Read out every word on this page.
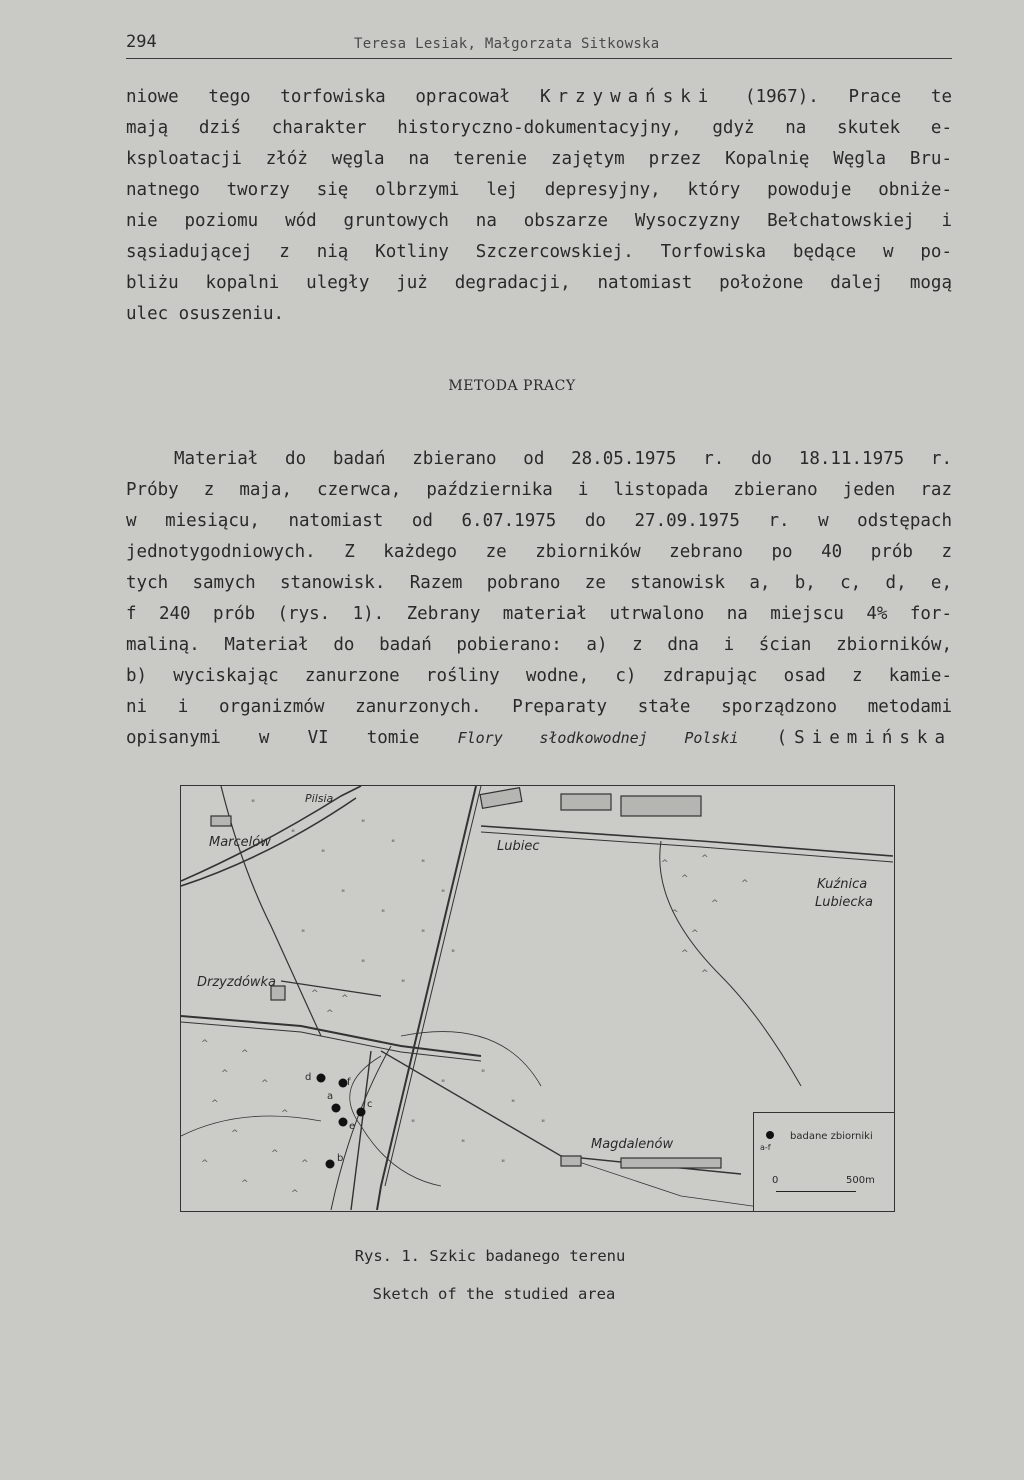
294	Teresa Lesiak, Małgorzata Sitkowska
niowe tego torfowiska opracował Krzywański (1967). Prace te
mają dziś charakter historyczno-dokumentacyjny, gdyż na skutek e-
ksploatacji złóż węgla na terenie zajętym przez Kopalnię Węgla Bru-
natnego tworzy się olbrzymi lej depresyjny, który powoduje obniże-
nie poziomu wód gruntowych na obszarze Wysoczyzny Bełchatowskiej i
sąsiadującej z nią Kotliny Szczercowskiej. Torfowiska będące w po-
bliżu kopalni uległy już degradacji, natomiast położone dalej mogą
ulec osuszeniu.
METODA PRACY
Materiał do badań zbierano od 28.05.1975 r. do 18.11.1975 r.
Próby z maja, czerwca, października i listopada zbierano jeden raz
w miesiącu, natomiast od 6.07.1975 do 27.09.1975 r. w odstępach
jednotygodniowych. Z każdego ze zbiorników zebrano po 40 prób z
tych samych stanowisk. Razem pobrano ze stanowisk a, b, c, d, e,
f 240 prób (rys. 1). Zebrany materiał utrwalono na miejscu 4% for-
maliną. Materiał do badań pobierano: a) z dna i ścian zbiorników,
b) wyciskając zanurzone rośliny wodne, c) zdrapując osad z kamie-
ni i organizmów zanurzonych. Preparaty stałe sporządzono metodami
opisanymi w VI tomie	Flory słodkowodnej Polski (Siemińska
"
"
"
"
"
"
"
"
"
"
"
"
"
"
"
"
"
"
"
"
"
^
^
^
^
^
^
^
^
^
^
^
^
^
^
^
^
^
^
^
^
^
^
^
^
Pilsia
Marcelów	Lubiec
Kuźnica
Lubiecka
Drzyzdówka
Magdalenów
d	f
a
c
e
b
a-f
badane zbiorniki
0	500m
Rys. 1. Szkic badanego terenu
Sketch of the studied area
